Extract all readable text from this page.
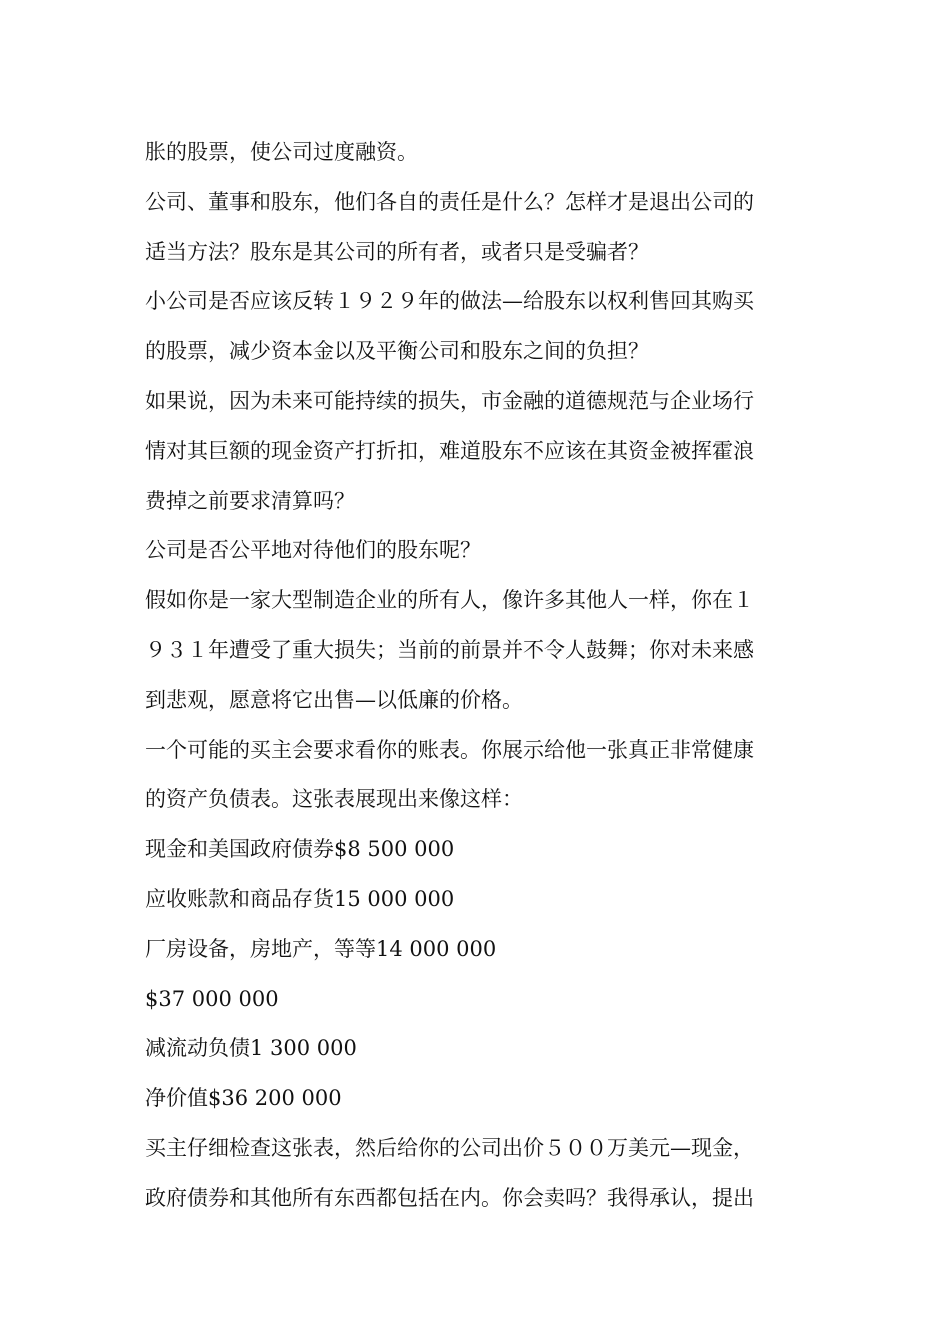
胀的股票，使公司过度融资。

公司、董事和股东，他们各自的责任是什么？怎样才是退出公司的

适当方法？股东是其公司的所有者，或者只是受骗者？

小公司是否应该反转１９２９年的做法—给股东以权利售回其购买

的股票，减少资本金以及平衡公司和股东之间的负担？

如果说，因为未来可能持续的损失，市金融的道德规范与企业场行

情对其巨额的现金资产打折扣，难道股东不应该在其资金被挥霍浪

费掉之前要求清算吗？

公司是否公平地对待他们的股东呢？

假如你是一家大型制造企业的所有人，像许多其他人一样，你在１

９３１年遭受了重大损失；当前的前景并不令人鼓舞；你对未来感

到悲观，愿意将它出售—以低廉的价格。

一个可能的买主会要求看你的账表。你展示给他一张真正非常健康

的资产负债表。这张表展现出来像这样：

现金和美国政府债券$8 500 000

应收账款和商品存货15 000 000

厂房设备，房地产，等等14 000 000

$37 000 000

减流动负债1 300 000

净价值$36 200 000

买主仔细检查这张表，然后给你的公司出价５００万美元—现金，

政府债券和其他所有东西都包括在内。你会卖吗？我得承认，提出
